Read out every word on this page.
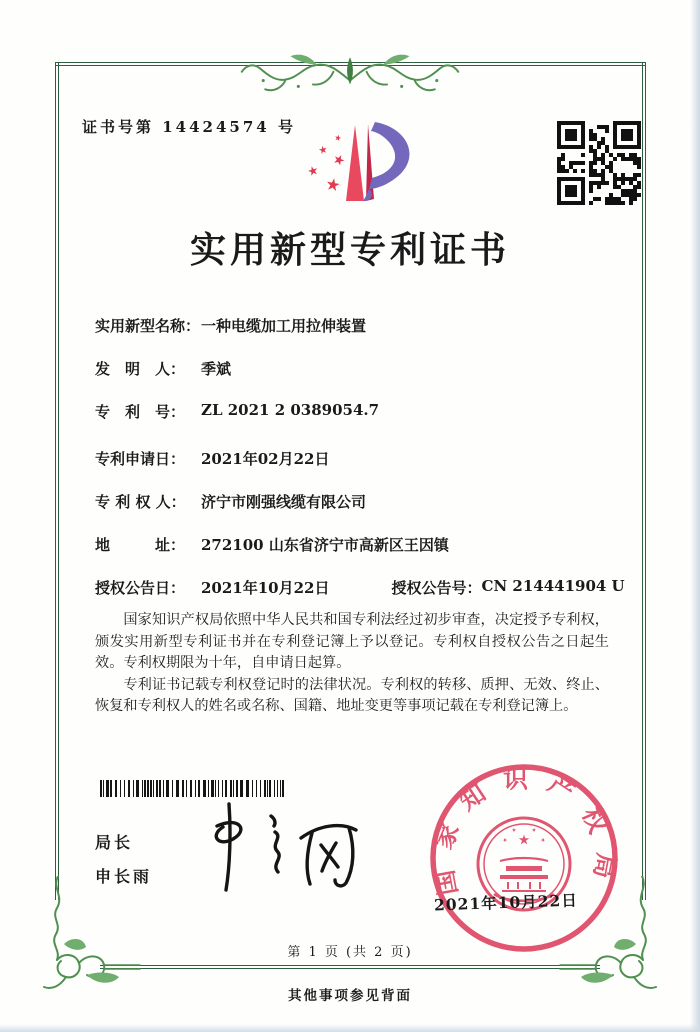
证书号第 14424574 号
实用新型专利证书
实用新型名称： 一种电缆加工用拉伸装置
发　明　人：	季斌
专　利　号：	ZL 2021 2 0389054.7
专利申请日：	2021年02月22日
专 利 权 人：	济宁市刚强线缆有限公司
地　　　址：	272100 山东省济宁市高新区王因镇
授权公告日：	2021年10月22日	授权公告号： CN 214441904 U

国家知识产权局依照中华人民共和国专利法经过初步审查，决定授予专利权，颁发实用新型专利证书并在专利登记簿上予以登记。专利权自授权公告之日起生效。专利权期限为十年，自申请日起算。

专利证书记载专利权登记时的法律状况。专利权的转移、质押、无效、终止、恢复和专利权人的姓名或名称、国籍、地址变更等事项记载在专利登记簿上。

局长
申长雨	国家知识产权局
2021年10月22日
第 1 页 (共 2 页)
其他事项参见背面
